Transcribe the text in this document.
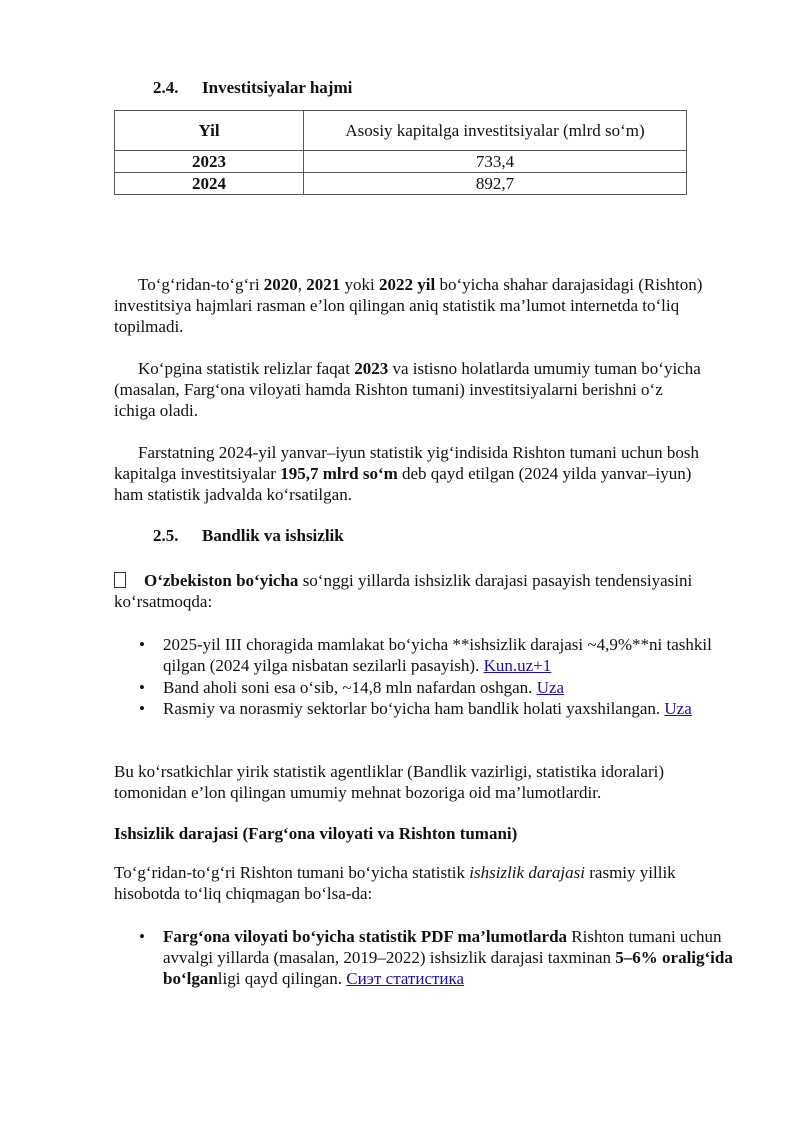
2.4. Investitsiyalar hajmi
Yil	Asosiy kapitalga investitsiyalar (mlrd so‘m)
2023	733,4
2024	892,7

To‘g‘ridan-to‘g‘ri 2020, 2021 yoki 2022 yil bo‘yicha shahar darajasidagi (Rishton) investitsiya hajmlari rasman e’lon qilingan aniq statistik ma’lumot internetda to‘liq topilmadi.

Ko‘pgina statistik relizlar faqat 2023 va istisno holatlarda umumiy tuman bo‘yicha (masalan, Farg‘ona viloyati hamda Rishton tumani) investitsiyalarni berishni o‘z ichiga oladi.

Farstatning 2024-yil yanvar–iyun statistik yig‘indisida Rishton tumani uchun bosh kapitalga investitsiyalar 195,7 mlrd so‘m deb qayd etilgan (2024 yilda yanvar–iyun) ham statistik jadvalda ko‘rsatilgan.

2.5. Bandlik va ishsizlik

O‘zbekiston bo‘yicha so‘nggi yillarda ishsizlik darajasi pasayish tendensiyasini ko‘rsatmoqda:

• 2025-yil III choragida mamlakat bo‘yicha **ishsizlik darajasi ~4,9%**ni tashkil qilgan (2024 yilga nisbatan sezilarli pasayish). Kun.uz+1

• Band aholi soni esa o‘sib, ~14,8 mln nafardan oshgan. Uza

• Rasmiy va norasmiy sektorlar bo‘yicha ham bandlik holati yaxshilangan. Uza

Bu ko‘rsatkichlar yirik statistik agentliklar (Bandlik vazirligi, statistika idoralari) tomonidan e’lon qilingan umumiy mehnat bozoriga oid ma’lumotlardir.

Ishsizlik darajasi (Farg‘ona viloyati va Rishton tumani)

To‘g‘ridan-to‘g‘ri Rishton tumani bo‘yicha statistik ishsizlik darajasi rasmiy yillik hisobotda to‘liq chiqmagan bo‘lsa-da:

• Farg‘ona viloyati bo‘yicha statistik PDF ma’lumotlarda Rishton tumani uchun avvalgi yillarda (masalan, 2019–2022) ishsizlik darajasi taxminan 5–6% oralig‘ida bo‘lganligi qayd qilingan. Сиэт статистика
